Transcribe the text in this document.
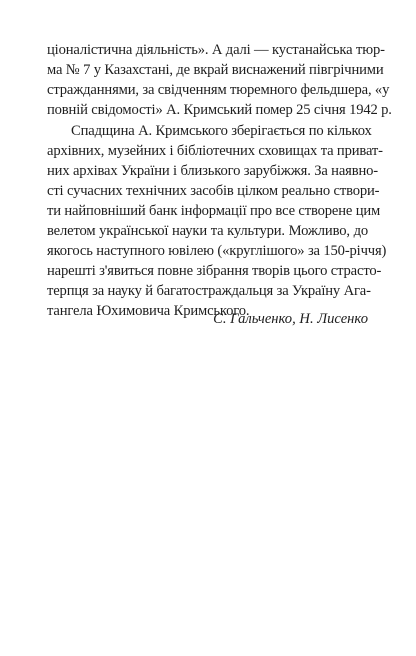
ціоналістична діяльність». А далі — кустанайська тюр-
ма № 7 у Казахстані, де вкрай виснажений півгрічними
стражданнями, за свідченням тюремного фельдшера, «у
повній свідомості» А. Кримський помер 25 січня 1942 р.
Спадщина А. Кримського зберігається по кількох
архівних, музейних і бібліотечних сховищах та приват-
них архівах України і близького зарубіжжя. За наявно-
сті сучасних технічних засобів цілком реально створи-
ти найповніший банк інформації про все створене цим
велетом української науки та культури. Можливо, до
якогось наступного ювілею («круглішого» за 150-річчя)
нарешті з'явиться повне зібрання творів цього страсто-
терпця за науку й багатостраждальця за Україну Ага-
тангела Юхимовича Кримського.
С. Гальченко, Н. Лисенко
